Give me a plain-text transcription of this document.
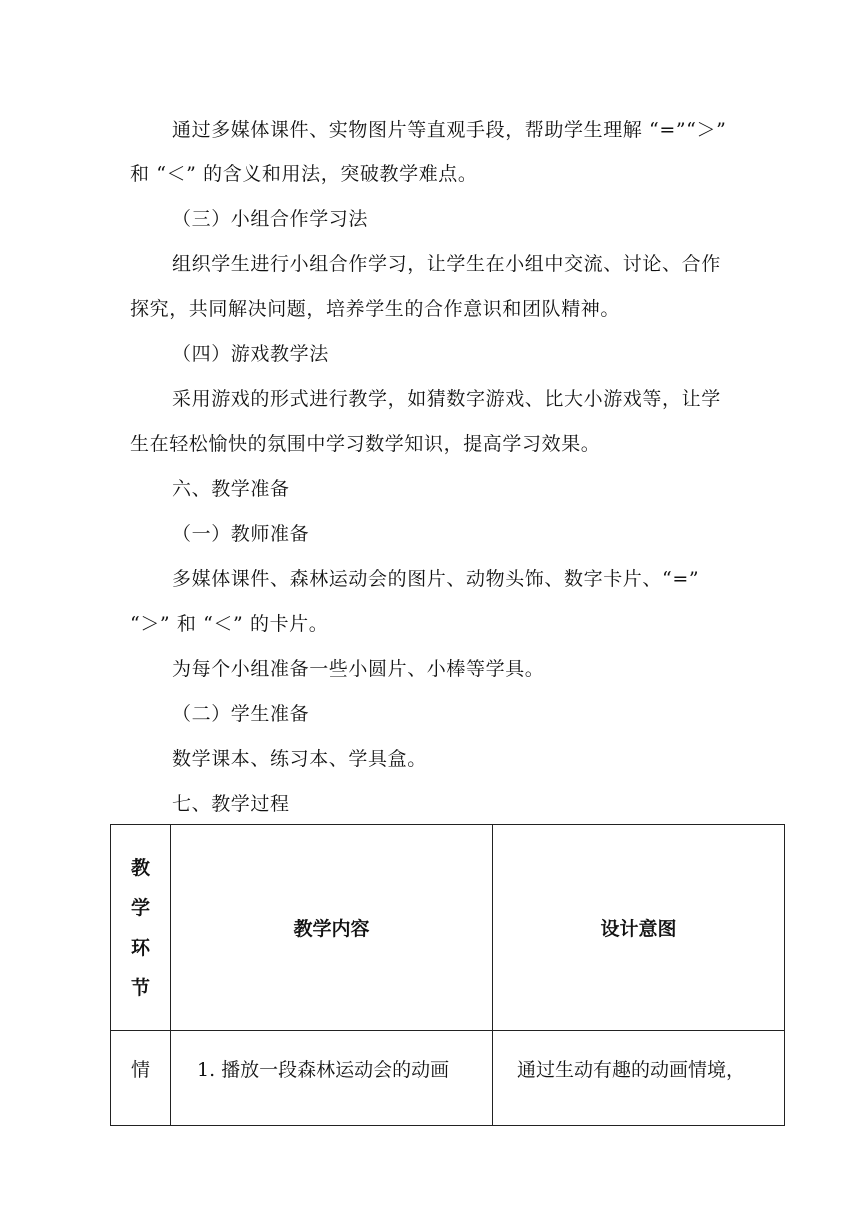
通过多媒体课件、实物图片等直观手段，帮助学生理解 “=”“＞”
和 “＜” 的含义和用法，突破教学难点。
（三）小组合作学习法
组织学生进行小组合作学习，让学生在小组中交流、讨论、合作
探究，共同解决问题，培养学生的合作意识和团队精神。
（四）游戏教学法
采用游戏的形式进行教学，如猜数字游戏、比大小游戏等，让学
生在轻松愉快的氛围中学习数学知识，提高学习效果。
六、教学准备
（一）教师准备
多媒体课件、森林运动会的图片、动物头饰、数字卡片、“=”
“＞” 和 “＜” 的卡片。
为每个小组准备一些小圆片、小棒等学具。
（二）学生准备
数学课本、练习本、学具盒。
七、教学过程
教
学
环
节	教学内容	设计意图
情	1. 播放一段森林运动会的动画	通过生动有趣的动画情境，
